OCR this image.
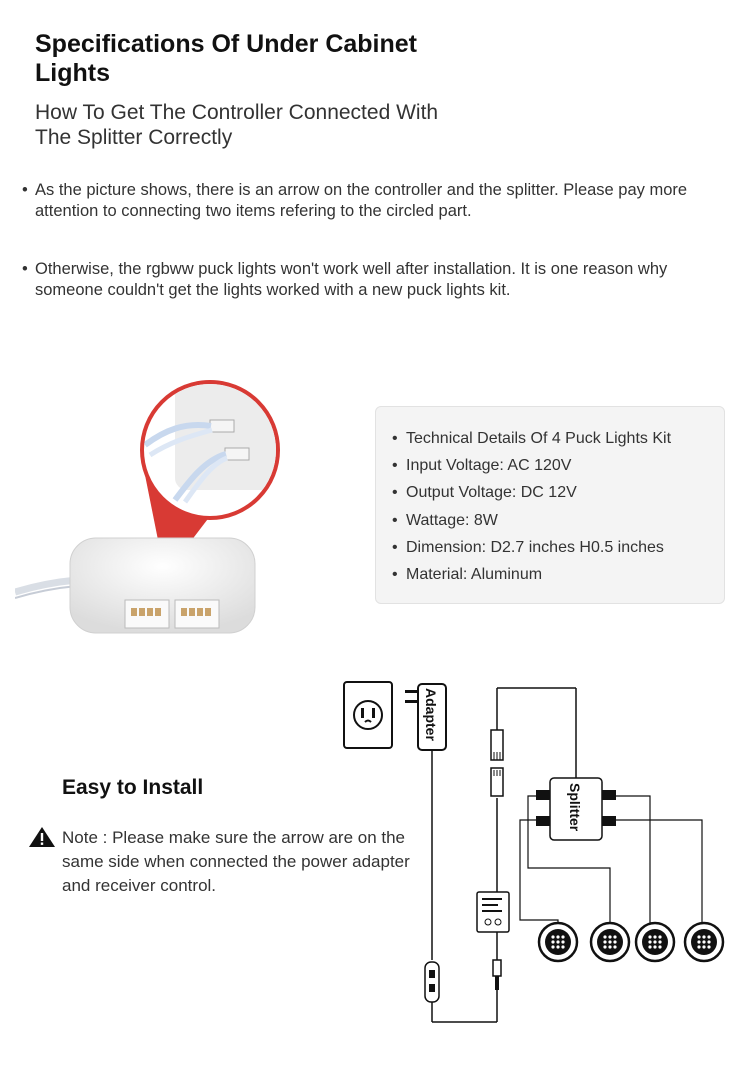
Specifications Of Under Cabinet Lights
How To Get The Controller Connected With The Splitter Correctly
• As the picture shows, there is an arrow on the controller and the splitter. Please pay more attention to connecting two items refering to the circled part.
• Otherwise, the rgbww puck lights won't work well after installation. It is one reason why someone couldn't get the lights worked with a new puck lights kit.
• Technical Details Of 4 Puck Lights Kit
• Input Voltage: AC 120V
• Output Voltage: DC 12V
• Wattage: 8W
• Dimension: D2.7 inches H0.5 inches
• Material: Aluminum
Easy to Install
Note : Please make sure the arrow are on the same side when connected the power adapter and receiver control.
Adapter
Splitter
